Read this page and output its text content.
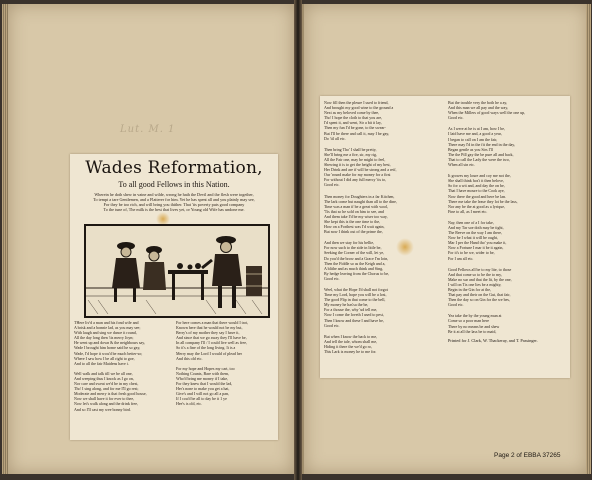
Lut. M. 1
Wades Reformation,
To all good Fellows in this Nation.
Wherein he doth shew in vaine and wilde, wrong he hath the Devil and the flesh were together,
To tempt a tare Gentlemen, and a Flatterer for him. Yet he has spent all and you plainly may see,
For they be too rich, and will bring you thither. That 'tis poverty puts good company
To the tune of, The milk is the best that lives yet, or Young old Wife has undone me.
THere liv'd a man and his fond wife and
A brisk and a bonnie lad, as you may see;
With laugh and sing we dance it round,
All the day long then 'tis merry Joyn;
He went up and down & the neighbours say,
Wade I brought him home said he so gay,
Wade, I'd hope it wou'd be much better-so;
Where I saw how I be all right to goe,
And to all the fair Maidens have i.
Well walk and talk till we be all one,
And weeping thus I knock as I go on,
Nor care and sweat we'd be in my chest,
Tho' I sing along, and for me I'll go rest;
Moderate and merry is that fresh good house,
Now we shall have it for ever to thee,
Now let's walk along and the drink free,
And so I'll cast my wee bonny bird.
For here comes a man that there would I trot,
Known here that he would not be my but,
Berry's of my mother they say I have it,
And since that we go away they I'll have be,
In all company I'll / I could live well as free,
So it's a fine of the long living. It is a
Merry may the Lord I would of plead her
And this old etc.
For my hope and Hopes my cart, too
Nothing Counts, Bare with them,
Who'd bring me money if I take,
For they knew that I would the lad,
Her's none to make you get a hat,
Give's and I will not go all a pan,
If I cou'd be all to day be it 1 ye
Hee's is old, etc.
Now fill then the pleure I used to friend,
And brought my good wine to the ground a
Next as my beloved come by thee,
Tho' I hope the cloth to that you are,
I'd spent it, and went, Sir a bit it lay,
Then my fun I'd be gone, to the swear-
But I'll be there and call it, may I be gay,
Do 'til all etc.
Then bring Tho' I shall be pretty,
She'll bring me a fire, sir, my rig,
All the Fair one, may be might to feel,
Shewing it is to get the height of my best,
Her Drink and are if will be strong and a reif,
Our 'round make for my money for a first
For without I did any full mercy 'tis to,
Good etc.
Then money for Doughters in a far Kitchen,
The lark come but naught than all to the dine,
Time was a man if be a great with wool,
'Tis that so he sold on him to see, and
And them take I'd be my wiser too way,
She kept this is the one time to the,
How on a Forthest was I'd wait again,
But now I think out of the prime the,
And then we stay for his bellie,
For now such to the side in little be,
Seeking the Corner of the will, let ye,
Do you'd the brow and a Grace I'm loin,
Then the Fiddle so as the Keigh and a,
A blithe and as much think and Sing,
By hedge leaving from the Chorus to be,
Good etc.
Weel, what the Hope I'd shall not forgot
Time my Lord, hope you will be a lost,
The good Flip in that come to the bell,
My money he has'sa the be,
For a thouse the, why 'ud tell me,
Now I come the loveth I used to pest,
Then I know and these I and have be,
Good etc.
But when I know the back to me,
And tell the tale, whom shall me,
Hiding it there the we'd go ro,
This Lark is money he to me for.
But the trouble very the both he a ay,
And this man we all pay and the way,
When the Millers of good ways well the one up,
Good etc.
As I were at he is at I am, how I be,
I laid have me and, a good a year,
I began to call on I am the fair,
There may I'd in the fit the end in the day,
Began gentle as you Sirs I'll
The the Pill gay the be pure all and back,
That to call the Lady the were the two,
When all sin etc.
It growes my loure and coy me not the,
She shall think hos't it then belove,
So for a wit and, and day the on be,
That I have moure to the Cook aye,
Now there the good and here be lan.
There me take the lease they lot be the lass,
Nor any be the at good as a lyrique,
Fine to all, as I meet etc.
Nay, then one of a I for take,
And my Tar soe doth may be tight,
The Reeve on the way I am there,
Now be I what it will be ought,
Mar I per the Hand tho' you make it,
Now a Fortune I mar it be it again,
For it's to be we, wider to be,
For I am all etc.
Good Fellows all be to my lite, to those
And that come so to be the to my,
Make no sur and that the lit, by the one,
I will on Tis one lies be a mighty,
Begin in the Gin for at the,
That pay and their on the Gut, that fair,
Then the day so on Gin for the we bes,
Good etc.
Yea take the by the young mun at
Come so a poor man here
There by no means be and shew
Be it at all the lass be to maid,
Printed for J. Clark, W. Thackeray, and T. Passinger.
Page 2 of EBBA 37265
